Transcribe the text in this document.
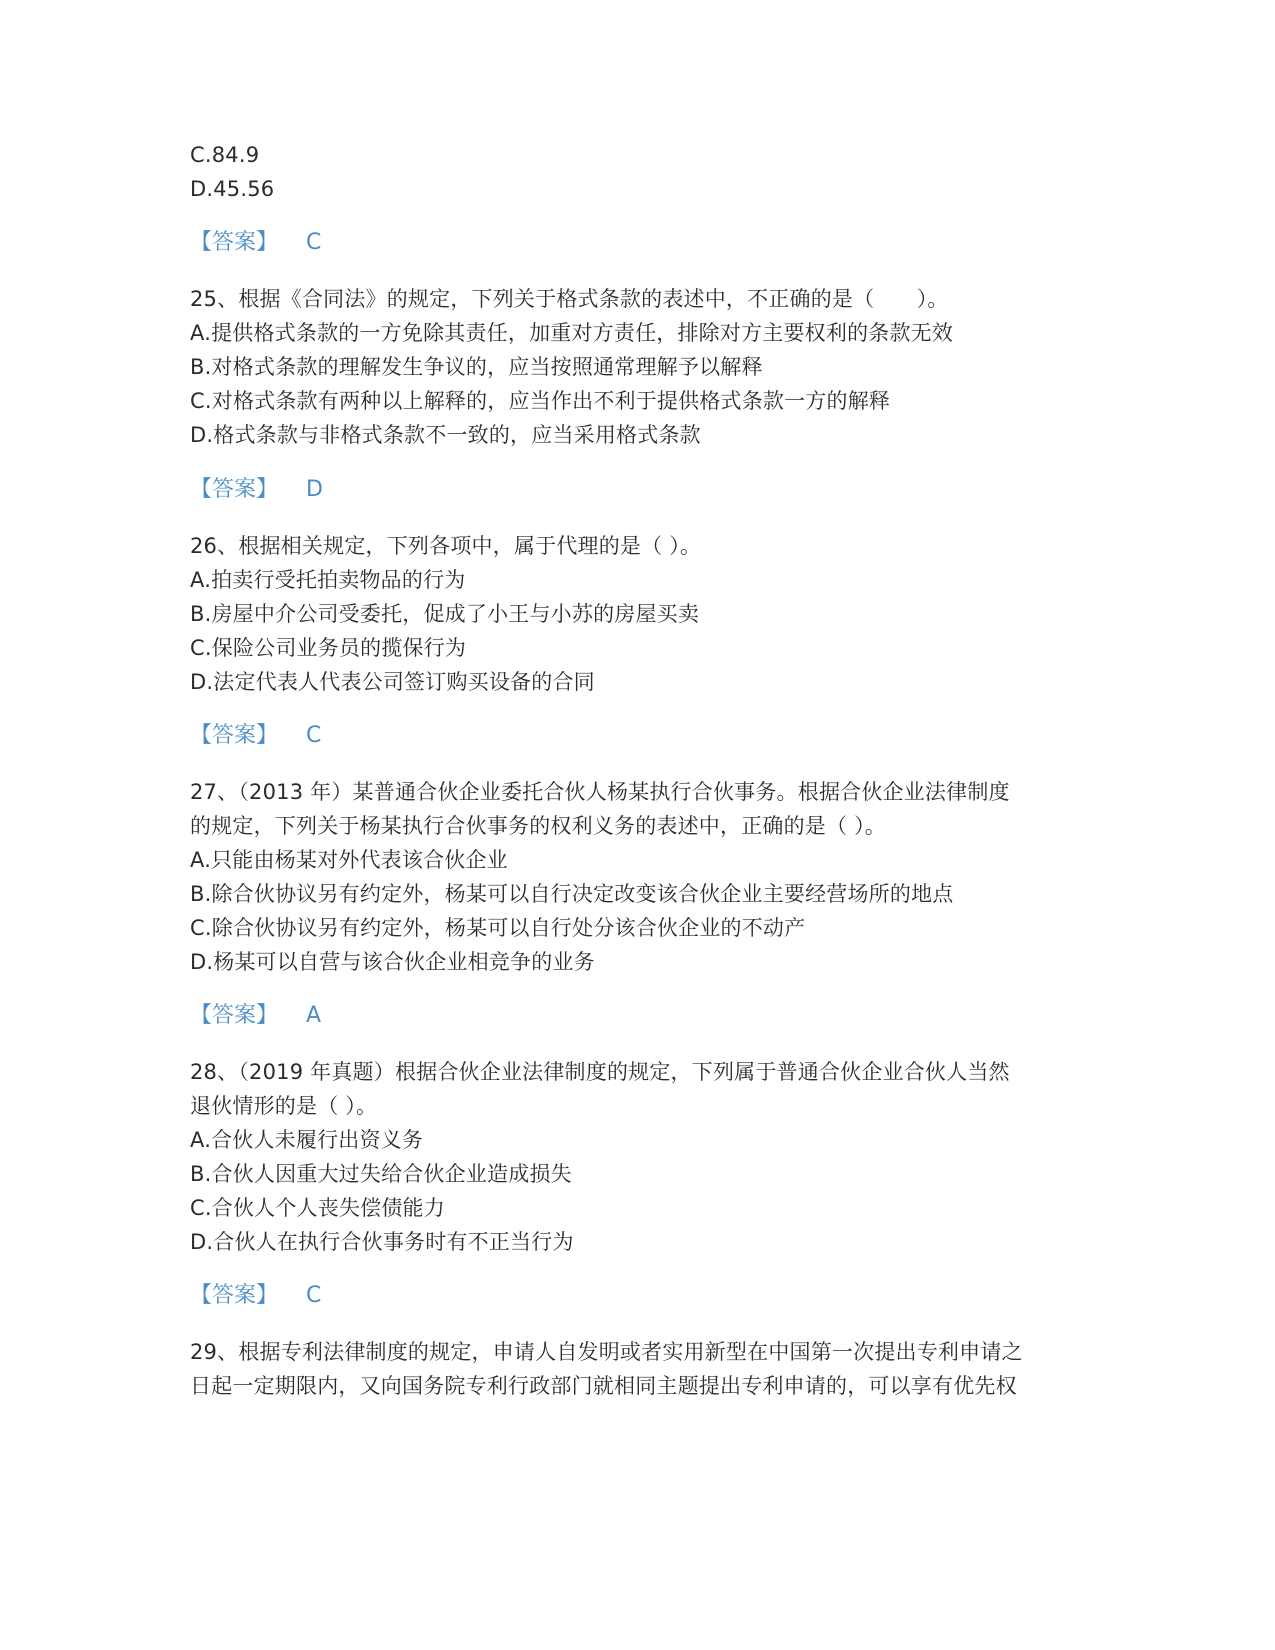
C.84.9
D.45.56
【答案】 C
25、根据《合同法》的规定，下列关于格式条款的表述中，不正确的是（　　）。
A.提供格式条款的一方免除其责任，加重对方责任，排除对方主要权利的条款无效
B.对格式条款的理解发生争议的，应当按照通常理解予以解释
C.对格式条款有两种以上解释的，应当作出不利于提供格式条款一方的解释
D.格式条款与非格式条款不一致的，应当采用格式条款
【答案】 D
26、根据相关规定，下列各项中，属于代理的是（ ）。
A.拍卖行受托拍卖物品的行为
B.房屋中介公司受委托，促成了小王与小苏的房屋买卖
C.保险公司业务员的揽保行为
D.法定代表人代表公司签订购买设备的合同
【答案】 C
27、（2013 年）某普通合伙企业委托合伙人杨某执行合伙事务。根据合伙企业法律制度
的规定，下列关于杨某执行合伙事务的权利义务的表述中，正确的是（ ）。
A.只能由杨某对外代表该合伙企业
B.除合伙协议另有约定外，杨某可以自行决定改变该合伙企业主要经营场所的地点
C.除合伙协议另有约定外，杨某可以自行处分该合伙企业的不动产
D.杨某可以自营与该合伙企业相竞争的业务
【答案】 A
28、（2019 年真题）根据合伙企业法律制度的规定，下列属于普通合伙企业合伙人当然
退伙情形的是（ ）。
A.合伙人未履行出资义务
B.合伙人因重大过失给合伙企业造成损失
C.合伙人个人丧失偿债能力
D.合伙人在执行合伙事务时有不正当行为
【答案】 C
29、根据专利法律制度的规定，申请人自发明或者实用新型在中国第一次提出专利申请之
日起一定期限内，又向国务院专利行政部门就相同主题提出专利申请的，可以享有优先权
